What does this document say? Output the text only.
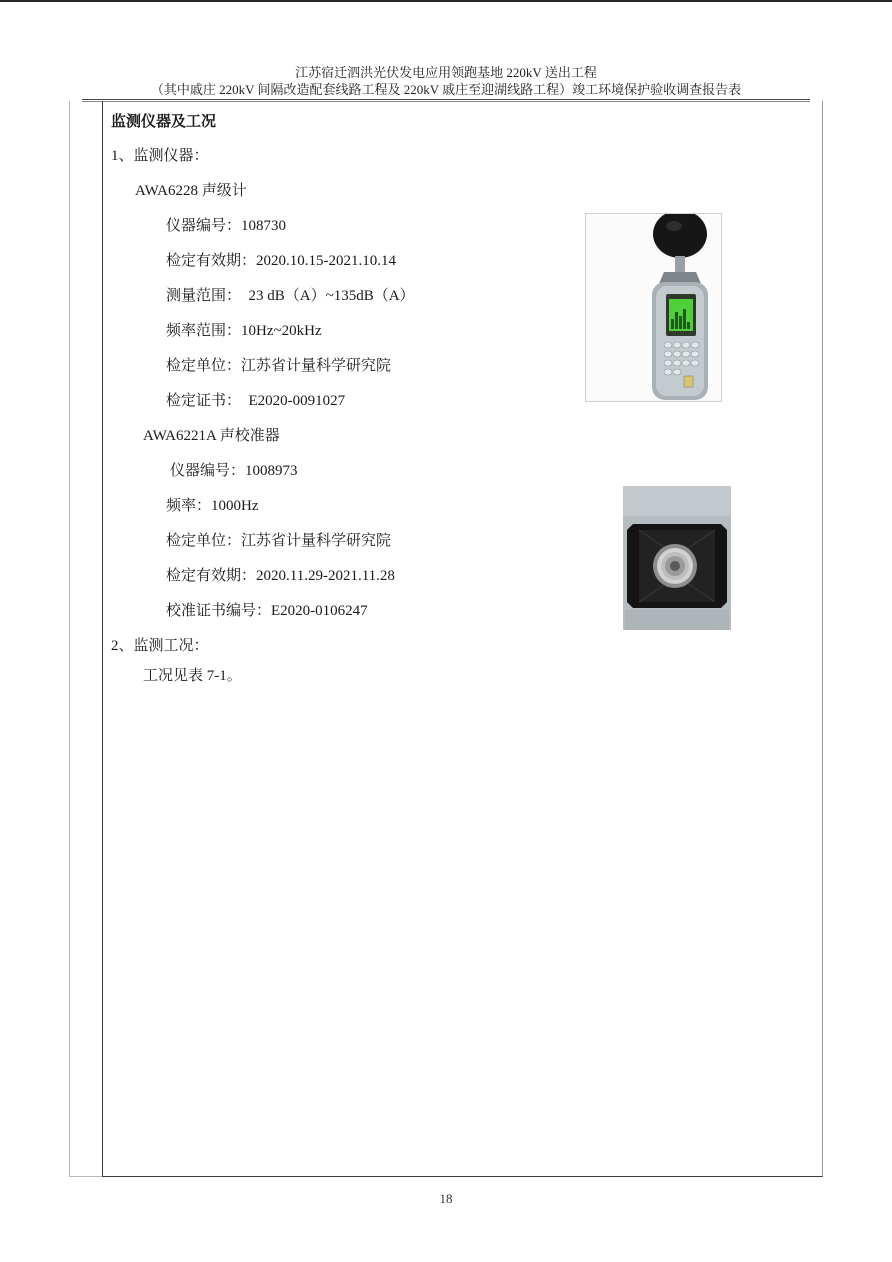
江苏宿迁泗洪光伏发电应用领跑基地 220kV 送出工程
（其中戚庄 220kV 间隔改造配套线路工程及 220kV 戚庄至迎湖线路工程）竣工环境保护验收调查报告表
监测仪器及工况
1、监测仪器：
AWA6228 声级计
仪器编号：108730
检定有效期：2020.10.15-2021.10.14
测量范围：  23 dB（A）~135dB（A）
频率范围：10Hz~20kHz
检定单位：江苏省计量科学研究院
检定证书：  E2020-0091027
AWA6221A 声校准器
仪器编号：1008973
频率：1000Hz
检定单位：江苏省计量科学研究院
检定有效期：2020.11.29-2021.11.28
校准证书编号：E2020-0106247
2、监测工况：
工况见表 7-1。
18
